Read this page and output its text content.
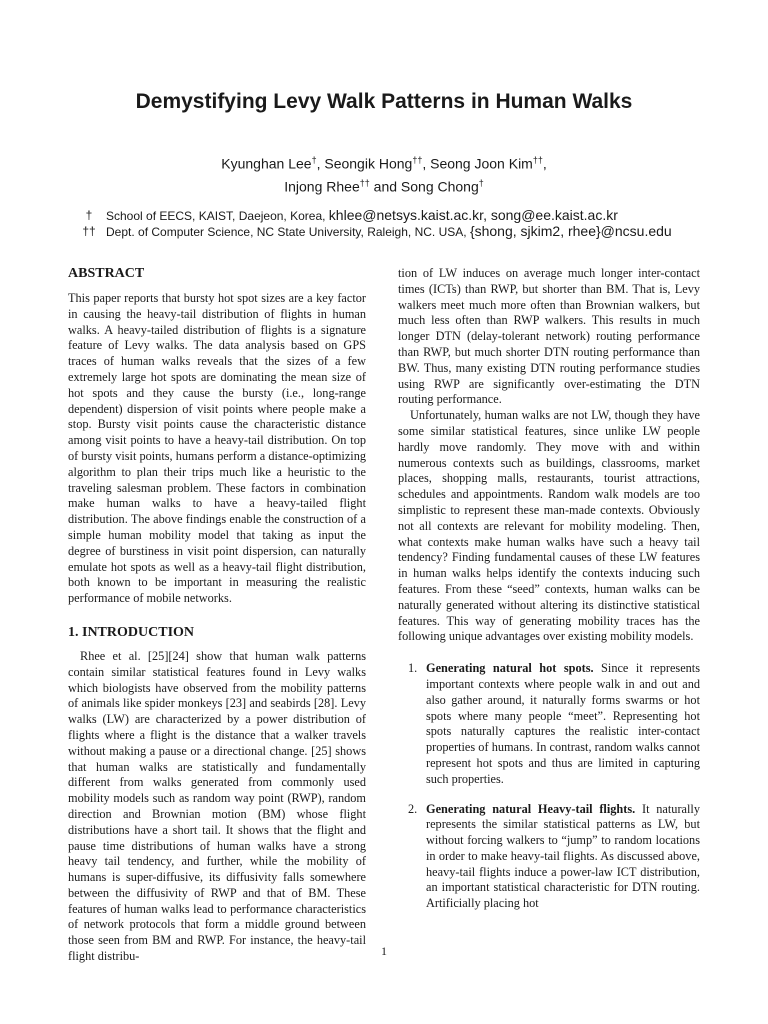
Demystifying Levy Walk Patterns in Human Walks
Kyunghan Lee†, Seongik Hong††, Seong Joon Kim††,
Injong Rhee†† and Song Chong†
†	School of EECS, KAIST, Daejeon, Korea, khlee@netsys.kaist.ac.kr, song@ee.kaist.ac.kr
†† Dept. of Computer Science, NC State University, Raleigh, NC. USA, {shong, sjkim2, rhee}@ncsu.edu
ABSTRACT

This paper reports that bursty hot spot sizes are a key factor in causing the heavy-tail distribution of flights in human walks. A heavy-tailed distribution of flights is a signature feature of Levy walks. The data analysis based on GPS traces of human walks reveals that the sizes of a few extremely large hot spots are dominating the mean size of hot spots and they cause the bursty (i.e., long-range dependent) dispersion of visit points where people make a stop. Bursty visit points cause the characteristic distance among visit points to have a heavy-tail distribution. On top of bursty visit points, humans perform a distance-optimizing algorithm to plan their trips much like a heuristic to the traveling salesman problem. These factors in combination make human walks to have a heavy-tailed flight distribution. The above findings enable the construction of a simple human mobility model that taking as input the degree of burstiness in visit point dispersion, can naturally emulate hot spots as well as a heavy-tail flight distribution, both known to be important in measuring the realistic performance of mobile networks.

1. INTRODUCTION

Rhee et al. [25][24] show that human walk patterns contain similar statistical features found in Levy walks which biologists have observed from the mobility patterns of animals like spider monkeys [23] and seabirds [28]. Levy walks (LW) are characterized by a power distribution of flights where a flight is the distance that a walker travels without making a pause or a directional change. [25] shows that human walks are statistically and fundamentally different from walks generated from commonly used mobility models such as random way point (RWP), random direction and Brownian motion (BM) whose flight distributions have a short tail. It shows that the flight and pause time distributions of human walks have a strong heavy tail tendency, and further, while the mobility of humans is super-diffusive, its diffusivity falls somewhere between the diffusivity of RWP and that of BM. These features of human walks lead to performance characteristics of network protocols that form a middle ground between those seen from BM and RWP. For instance, the heavy-tail flight distribu-

tion of LW induces on average much longer inter-contact times (ICTs) than RWP, but shorter than BM. That is, Levy walkers meet much more often than Brownian walkers, but much less often than RWP walkers. This results in much longer DTN (delay-tolerant network) routing performance than RWP, but much shorter DTN routing performance than BW. Thus, many existing DTN routing performance studies using RWP are significantly over-estimating the DTN routing performance.

Unfortunately, human walks are not LW, though they have some similar statistical features, since unlike LW people hardly move randomly. They move with and within numerous contexts such as buildings, classrooms, market places, shopping malls, restaurants, tourist attractions, schedules and appointments. Random walk models are too simplistic to represent these man-made contexts. Obviously not all contexts are relevant for mobility modeling. Then, what contexts make human walks have such a heavy tail tendency? Finding fundamental causes of these LW features in human walks helps identify the contexts inducing such features. From these “seed” contexts, human walks can be naturally generated without altering its distinctive statistical features. This way of generating mobility traces has the following unique advantages over existing mobility models.

1. Generating natural hot spots. Since it represents important contexts where people walk in and out and also gather around, it naturally forms swarms or hot spots where many people “meet”. Representing hot spots naturally captures the realistic inter-contact properties of humans. In contrast, random walks cannot represent hot spots and thus are limited in capturing such properties.
2. Generating natural Heavy-tail flights. It naturally represents the similar statistical patterns as LW, but without forcing walkers to “jump” to random locations in order to make heavy-tail flights. As discussed above, heavy-tail flights induce a power-law ICT distribution, an important statistical characteristic for DTN routing. Artificially placing hot
1
